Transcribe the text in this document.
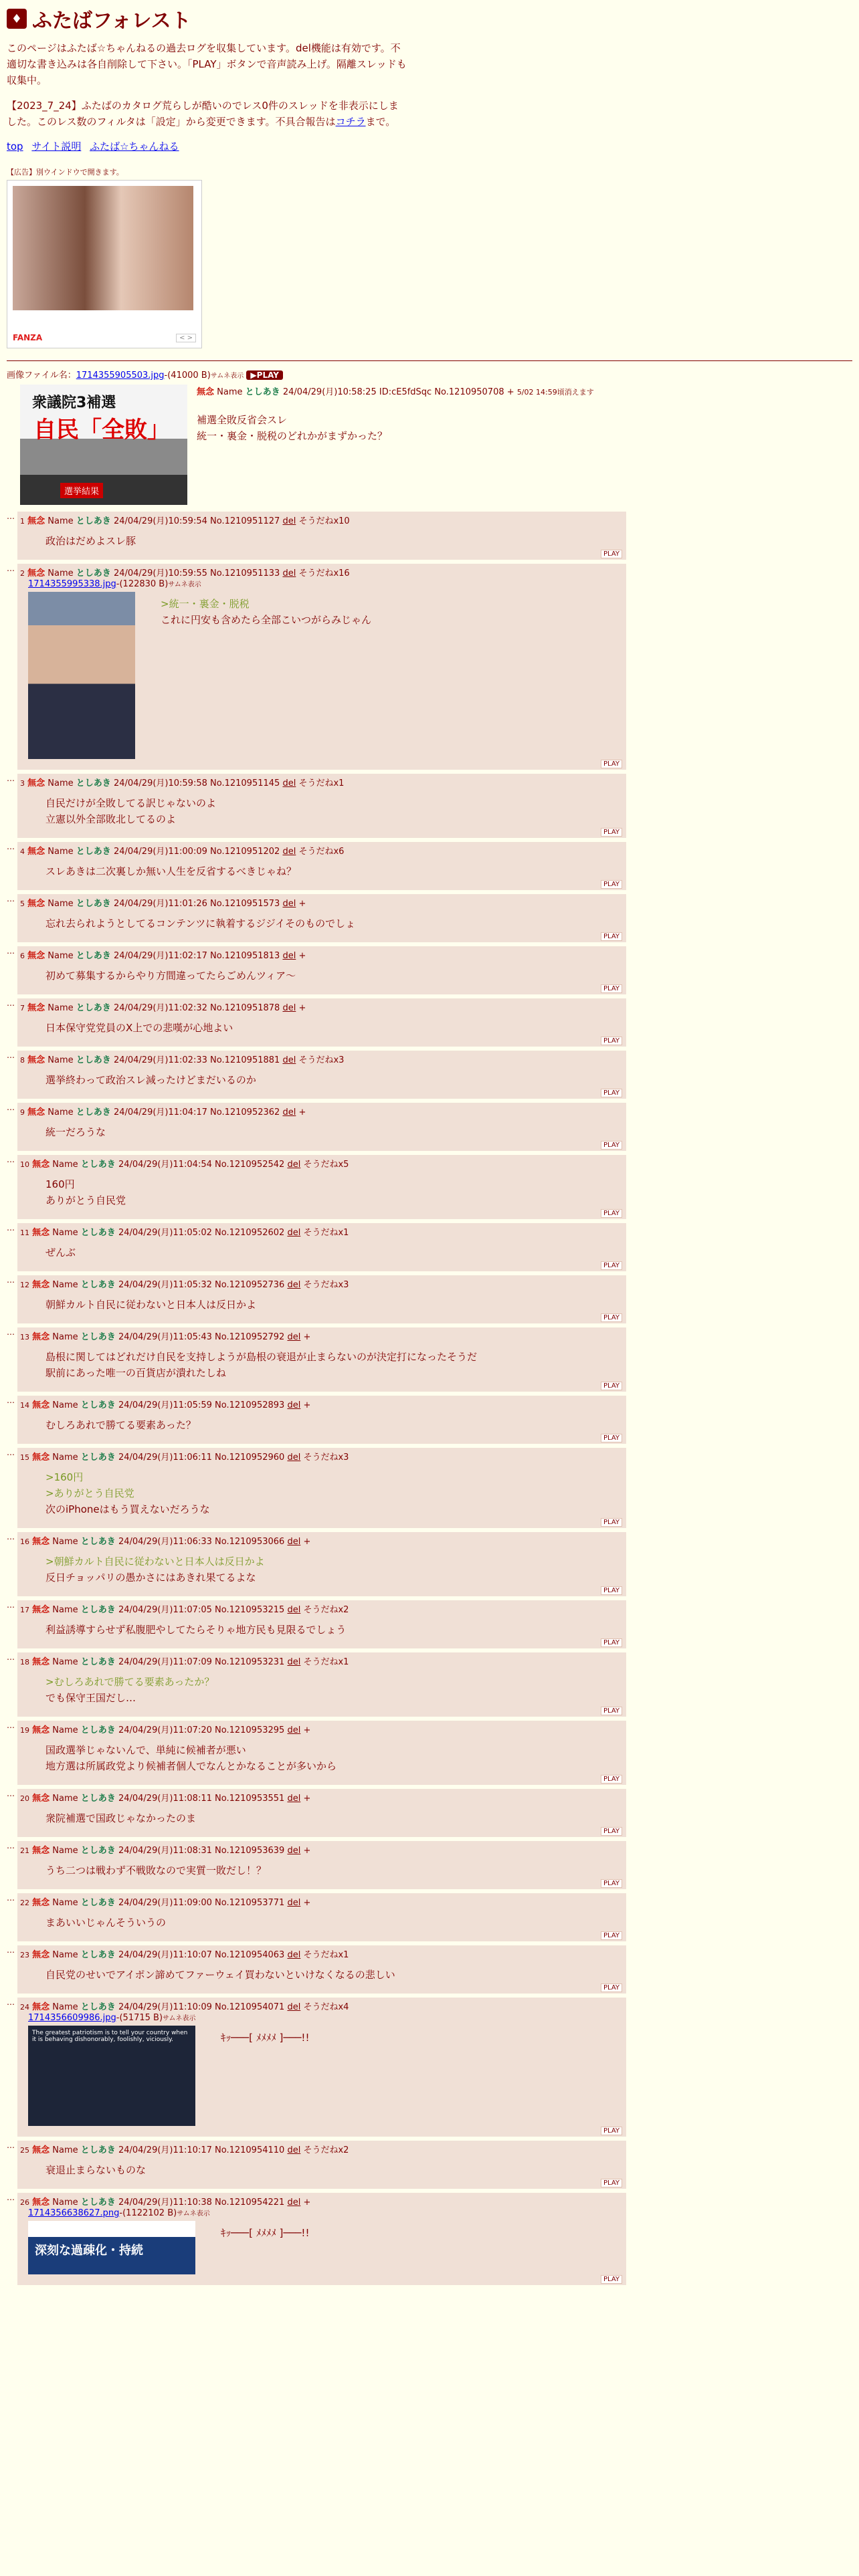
♦ ふたばフォレスト
このページはふたば☆ちゃんねるの過去ログを収集しています。del機能は有効です。不適切な書き込みは各自削除して下さい。「PLAY」ボタンで音声読み上げ。隔離スレッドも収集中。
【2023_7_24】ふたばのカタログ荒らしが酷いのでレス0件のスレッドを非表示にしました。このレス数のフィルタは「設定」から変更できます。不具合報告はコチラまで。
top サイト説明 ふたば☆ちゃんねる
【広告】別ウインドウで開きます。
FANZA	< >
画像ファイル名：1714355905503.jpg-(41000 B)サムネ表示 ▶PLAY
衆議院3補選
自民「全敗」
選挙結果
無念 Name としあき 24/04/29(月)10:58:25 ID:cE5fdSqc No.1210950708 + 5/02 14:59頃消えます
補選全敗反省会スレ
統一・裏金・脱税のどれかがまずかった？
…
1 無念 Name としあき 24/04/29(月)10:59:54 No.1210951127 del そうだねx10
政治はだめよスレ豚
PLAY
…
2 無念 Name としあき 24/04/29(月)10:59:55 No.1210951133 del そうだねx16
1714355995338.jpg-(122830 B)サムネ表示
>統一・裏金・脱税
これに円安も含めたら全部こいつがらみじゃん
PLAY
…
3 無念 Name としあき 24/04/29(月)10:59:58 No.1210951145 del そうだねx1
自民だけが全敗してる訳じゃないのよ
立憲以外全部敗北してるのよ
PLAY
…
4 無念 Name としあき 24/04/29(月)11:00:09 No.1210951202 del そうだねx6
スレあきは二次裏しか無い人生を反省するべきじゃね？
PLAY
…
5 無念 Name としあき 24/04/29(月)11:01:26 No.1210951573 del +
忘れ去られようとしてるコンテンツに執着するジジイそのものでしょ
PLAY
…
6 無念 Name としあき 24/04/29(月)11:02:17 No.1210951813 del +
初めて募集するからやり方間違ってたらごめんツィア〜
PLAY
…
7 無念 Name としあき 24/04/29(月)11:02:32 No.1210951878 del +
日本保守党党員のX上での悲嘆が心地よい
PLAY
…
8 無念 Name としあき 24/04/29(月)11:02:33 No.1210951881 del そうだねx3
選挙終わって政治スレ減ったけどまだいるのか
PLAY
…
9 無念 Name としあき 24/04/29(月)11:04:17 No.1210952362 del +
統一だろうな
PLAY
…
10 無念 Name としあき 24/04/29(月)11:04:54 No.1210952542 del そうだねx5
160円
ありがとう自民党
PLAY
…
11 無念 Name としあき 24/04/29(月)11:05:02 No.1210952602 del そうだねx1
ぜんぶ
PLAY
…
12 無念 Name としあき 24/04/29(月)11:05:32 No.1210952736 del そうだねx3
朝鮮カルト自民に従わないと日本人は反日かよ
PLAY
…
13 無念 Name としあき 24/04/29(月)11:05:43 No.1210952792 del +
島根に関してはどれだけ自民を支持しようが島根の衰退が止まらないのが決定打になったそうだ
駅前にあった唯一の百貨店が潰れたしね
PLAY
…
14 無念 Name としあき 24/04/29(月)11:05:59 No.1210952893 del +
むしろあれで勝てる要素あった？
PLAY
…
15 無念 Name としあき 24/04/29(月)11:06:11 No.1210952960 del そうだねx3
>160円
>ありがとう自民党
次のiPhoneはもう買えないだろうな
PLAY
…
16 無念 Name としあき 24/04/29(月)11:06:33 No.1210953066 del +
>朝鮮カルト自民に従わないと日本人は反日かよ
反日チョッパリの愚かさにはあきれ果てるよな
PLAY
…
17 無念 Name としあき 24/04/29(月)11:07:05 No.1210953215 del そうだねx2
利益誘導すらせず私腹肥やしてたらそりゃ地方民も見限るでしょう
PLAY
…
18 無念 Name としあき 24/04/29(月)11:07:09 No.1210953231 del そうだねx1
>むしろあれで勝てる要素あったか？
でも保守王国だし…
PLAY
…
19 無念 Name としあき 24/04/29(月)11:07:20 No.1210953295 del +
国政選挙じゃないんで、単純に候補者が悪い
地方選は所属政党より候補者個人でなんとかなることが多いから
PLAY
…
20 無念 Name としあき 24/04/29(月)11:08:11 No.1210953551 del +
衆院補選で国政じゃなかったのま
PLAY
…
21 無念 Name としあき 24/04/29(月)11:08:31 No.1210953639 del +
うち二つは戦わず不戦敗なので実質一敗だし！？
PLAY
…
22 無念 Name としあき 24/04/29(月)11:09:00 No.1210953771 del +
まあいいじゃんそういうの
PLAY
…
23 無念 Name としあき 24/04/29(月)11:10:07 No.1210954063 del そうだねx1
自民党のせいでアイポン諦めてファーウェイ買わないといけなくなるの悲しい
PLAY
…
24 無念 Name としあき 24/04/29(月)11:10:09 No.1210954071 del そうだねx4
1714356609986.jpg-(51715 B)サムネ表示
The greatest patriotism is to tell your country when it is behaving dishonorably, foolishly, viciously.	ｷｯ───[ ﾒﾒﾒﾒ ]───!!
PLAY
…
25 無念 Name としあき 24/04/29(月)11:10:17 No.1210954110 del そうだねx2
衰退止まらないものな
PLAY
…
26 無念 Name としあき 24/04/29(月)11:10:38 No.1210954221 del +
1714356638627.png-(1122102 B)サムネ表示
深刻な過疎化・持続
ｷｯ───[ ﾒﾒﾒﾒ ]───!!
PLAY
